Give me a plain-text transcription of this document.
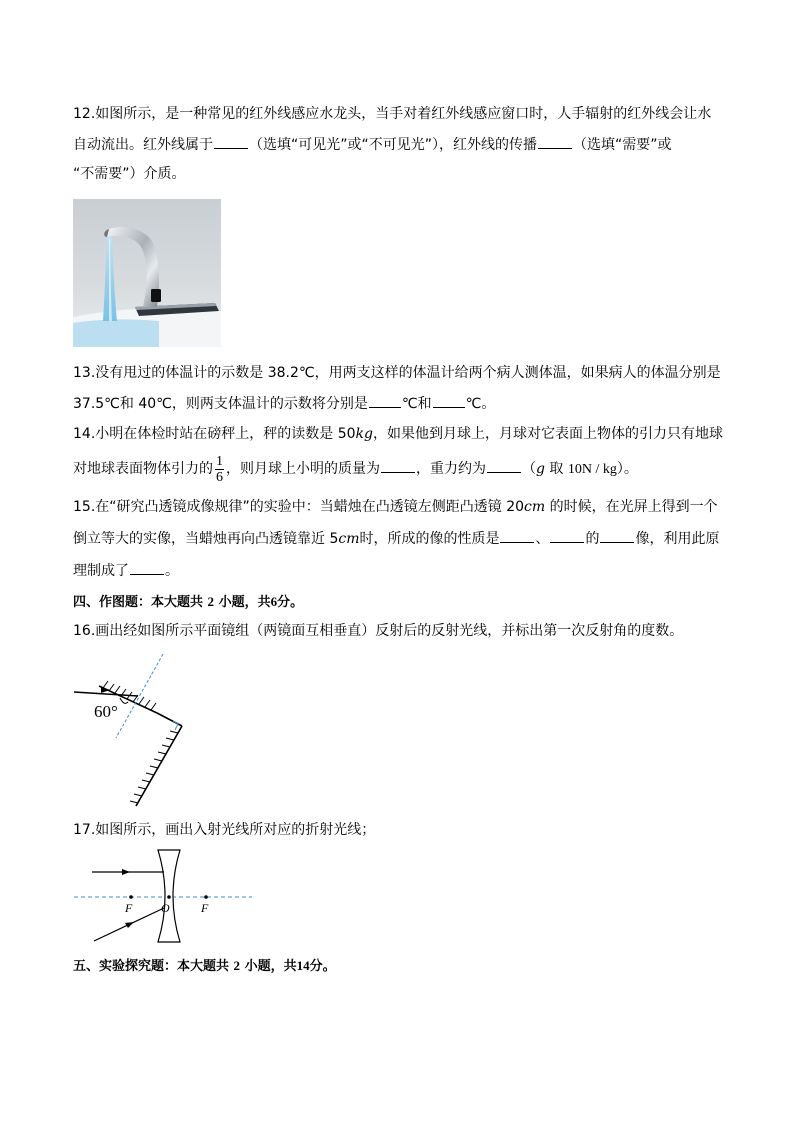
12.如图所示，是一种常见的红外线感应水龙头，当手对着红外线感应窗口时，人手辐射的红外线会让水
自动流出。红外线属于	（选填“可见光”或“不可见光”），红外线的传播	（选填“需要”或
“不需要”）介质。
13.没有甩过的体温计的示数是 38.2℃，用两支这样的体温计给两个病人测体温，如果病人的体温分别是
37.5℃和 40℃，则两支体温计的示数将分别是 ℃和 ℃。
14.小明在体检时站在磅秤上，秤的读数是 50kg，如果他到月球上，月球对它表面上物体的引力只有地球
对地球表面物体引力的 $\frac{1}{6}$ ，则月球上小明的质量为	，重力约为	（g 取 10N / kg）。
15.在“研究凸透镜成像规律”的实验中：当蜡烛在凸透镜左侧距凸透镜 20cm 的时候，在光屏上得到一个
倒立等大的实像，当蜡烛再向凸透镜靠近 5cm时，所成的像的性质是	、	的	像，利用此原
理制成了	。
四、作图题：本大题共 2 小题，共6分。
16.画出经如图所示平面镜组（两镜面互相垂直）反射后的反射光线，并标出第一次反射角的度数。
60°
17.如图所示，画出入射光线所对应的折射光线；
F O	F
五、实验探究题：本大题共 2 小题，共14分。
